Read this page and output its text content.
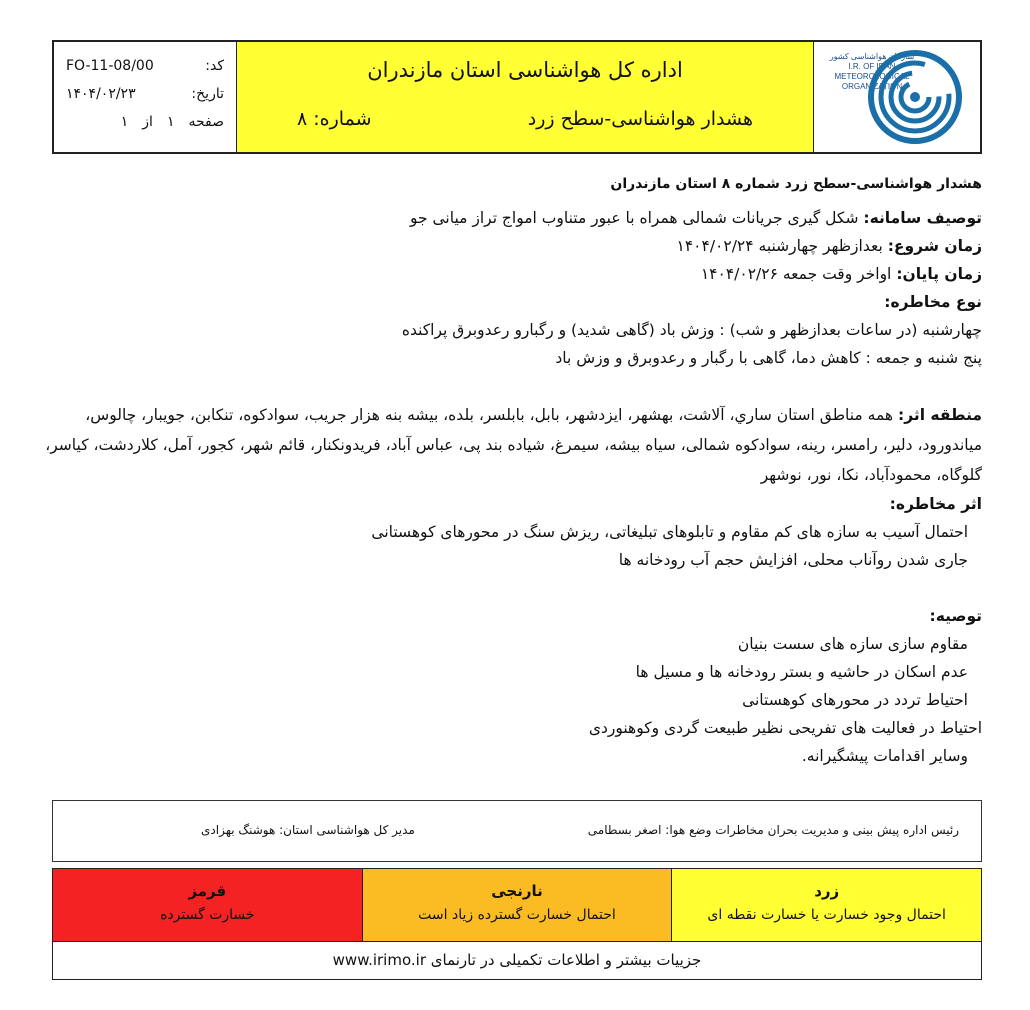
کد:
FO-11-08/00
تاریخ:
۱۴۰۴/۰۲/۲۳
صفحه
۱
از
۱
اداره کل هواشناسی استان مازندران
شماره: ۸	هشدار هواشناسی-سطح زرد
سازمان هواشناسی کشور
I.R. OF IRAN
METEOROLOGICAL
ORGANIZATION
هشدار هواشناسی-سطح زرد شماره ۸ استان مازندران
توصیف سامانه: شکل گیری جریانات شمالی همراه با عبور متناوب امواج تراز میانی جو
زمان شروع: بعدازظهر چهارشنبه ۱۴۰۴/۰۲/۲۴
زمان پایان: اواخر وقت جمعه ۱۴۰۴/۰۲/۲۶
نوع مخاطره:
چهارشنبه (در ساعات بعدازظهر و شب) : وزش باد (گاهی شدید) و رگبارو رعدوبرق پراکنده
پنج شنبه و جمعه : کاهش دما، گاهی با رگبار و رعدوبرق و وزش باد
منطقه اثر: همه مناطق استان ساري، آلاشت، بهشهر، ایزدشهر، بابل، بابلسر، بلده، بیشه بنه هزار جریب، سوادکوه، تنکابن، جویبار، چالوس، میاندورود، دلیر، رامسر، رینه، سوادکوه شمالی، سیاه بیشه، سیمرغ، شیاده بند پی، عباس آباد، فریدونکنار، قائم شهر، کجور، آمل، کلاردشت، کیاسر، گلوگاه، محمودآباد، نکا، نور، نوشهر
اثر مخاطره:
احتمال آسیب به سازه های کم مقاوم و تابلوهای تبلیغاتی، ریزش سنگ در محورهای کوهستانی
جاری شدن روآناب محلی، افزایش حجم آب رودخانه ها
توصیه:
مقاوم سازی سازه های سست بنیان
عدم اسکان در حاشیه و بستر رودخانه ها و مسیل ها
احتیاط تردد در محورهای کوهستانی
احتیاط در فعالیت های تفریحی نظیر طبیعت گردی وکوهنوردی
وسایر اقدامات پیشگیرانه.
رئیس اداره پیش بینی و مدیریت بحران مخاطرات وضع هوا: اصغر بسطامی
مدیر کل هواشناسی استان: هوشنگ بهزادی
قرمز
خسارت گسترده
نارنجی
احتمال خسارت گسترده زیاد است
زرد
احتمال وجود خسارت یا خسارت نقطه ای
جزییات بیشتر و اطلاعات تکمیلی در تارنمای www.irimo.ir
